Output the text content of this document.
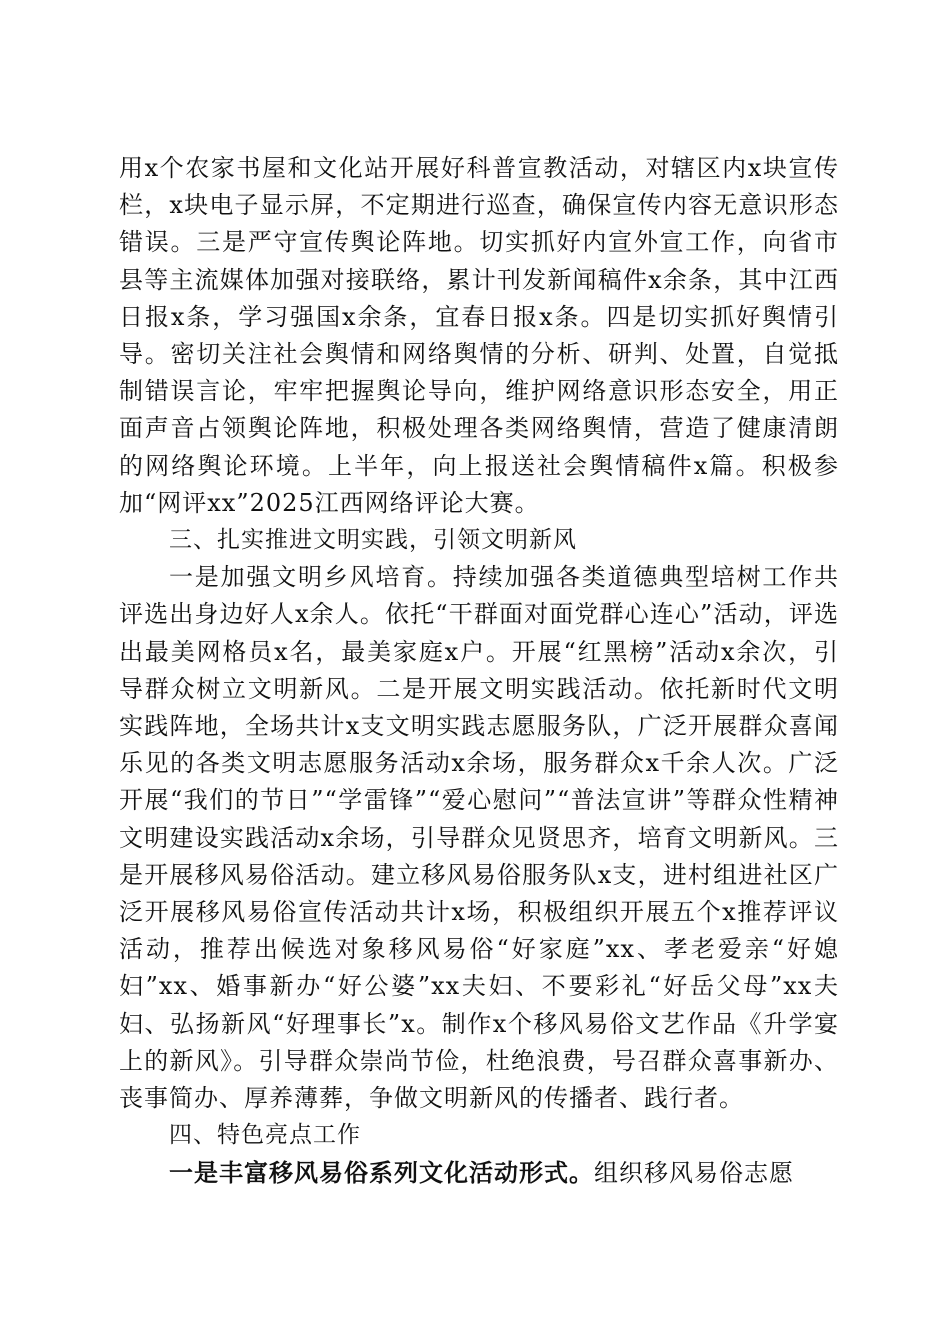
用x个农家书屋和文化站开展好科普宣教活动，对辖区内x块宣传栏，x块电子显示屏，不定期进行巡查，确保宣传内容无意识形态错误。三是严守宣传舆论阵地。切实抓好内宣外宣工作，向省市县等主流媒体加强对接联络，累计刊发新闻稿件x余条，其中江西日报x条，学习强国x余条，宜春日报x条。四是切实抓好舆情引导。密切关注社会舆情和网络舆情的分析、研判、处置，自觉抵制错误言论，牢牢把握舆论导向，维护网络意识形态安全，用正面声音占领舆论阵地，积极处理各类网络舆情，营造了健康清朗的网络舆论环境。上半年，向上报送社会舆情稿件x篇。积极参加“网评xx”2025江西网络评论大赛。

三、扎实推进文明实践，引领文明新风

一是加强文明乡风培育。持续加强各类道德典型培树工作共评选出身边好人x余人。依托“干群面对面党群心连心”活动，评选出最美网格员x名，最美家庭x户。开展“红黑榜”活动x余次，引导群众树立文明新风。二是开展文明实践活动。依托新时代文明实践阵地，全场共计x支文明实践志愿服务队，广泛开展群众喜闻乐见的各类文明志愿服务活动x余场，服务群众x千余人次。广泛开展“我们的节日”“学雷锋”“爱心慰问”“普法宣讲”等群众性精神文明建设实践活动x余场，引导群众见贤思齐，培育文明新风。三是开展移风易俗活动。建立移风易俗服务队x支，进村组进社区广泛开展移风易俗宣传活动共计x场，积极组织开展五个x推荐评议活动，推荐出候选对象移风易俗“好家庭”xx、孝老爱亲“好媳妇”xx、婚事新办“好公婆”xx夫妇、不要彩礼“好岳父母”xx夫妇、弘扬新风“好理事长”x。制作x个移风易俗文艺作品《升学宴上的新风》。引导群众崇尚节俭，杜绝浪费，号召群众喜事新办、丧事简办、厚养薄葬，争做文明新风的传播者、践行者。

四、特色亮点工作

一是丰富移风易俗系列文化活动形式。组织移风易俗志愿
